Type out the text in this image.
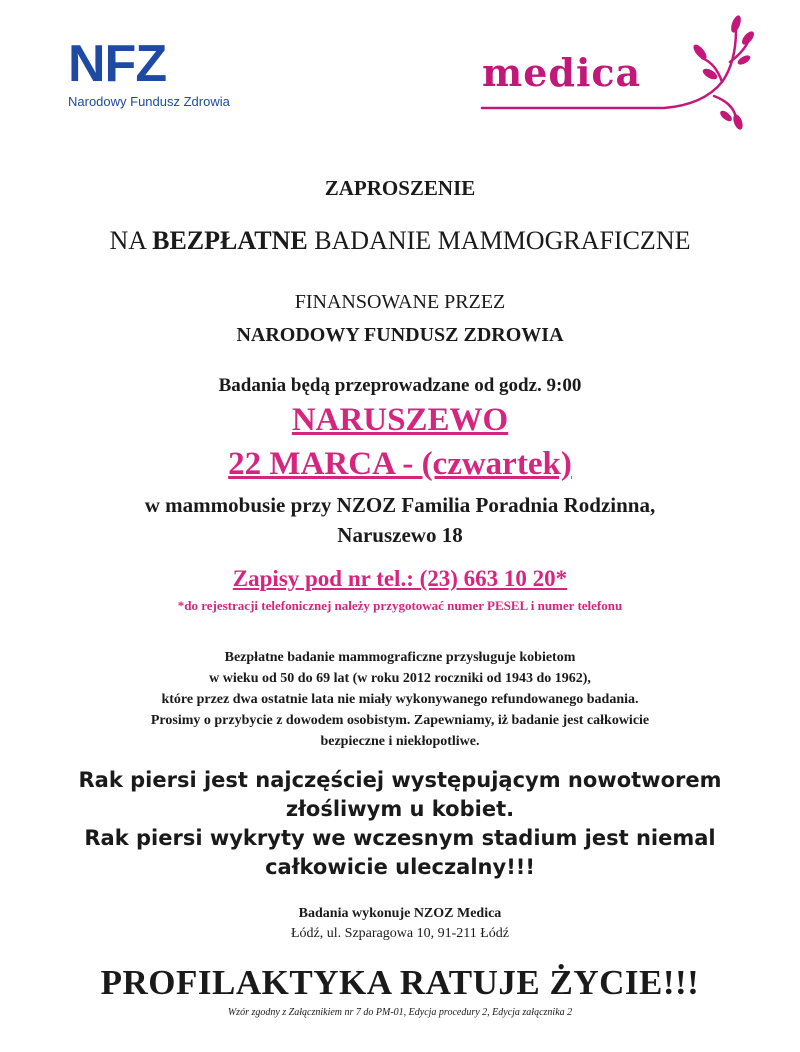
NFZ
Narodowy Fundusz Zdrowia
medica
ZAPROSZENIE
NA BEZPŁATNE BADANIE MAMMOGRAFICZNE
FINANSOWANE PRZEZ
NARODOWY FUNDUSZ ZDROWIA
Badania będą przeprowadzane od godz. 9:00
NARUSZEWO
22 MARCA - (czwartek)
w mammobusie przy NZOZ Familia Poradnia Rodzinna,
Naruszewo 18
Zapisy pod nr tel.: (23) 663 10 20*
*do rejestracji telefonicznej należy przygotować numer PESEL i numer telefonu
Bezpłatne badanie mammograficzne przysługuje kobietom
w wieku od 50 do 69 lat (w roku 2012 roczniki od 1943 do 1962),
które przez dwa ostatnie lata nie miały wykonywanego refundowanego badania.
Prosimy o przybycie z dowodem osobistym. Zapewniamy, iż badanie jest całkowicie
bezpieczne i niekłopotliwe.
Rak piersi jest najczęściej występującym nowotworem
złośliwym u kobiet.
Rak piersi wykryty we wczesnym stadium jest niemal
całkowicie uleczalny!!!
Badania wykonuje NZOZ Medica
Łódź, ul. Szparagowa 10, 91-211 Łódź
PROFILAKTYKA RATUJE ŻYCIE!!!
Wzór zgodny z Załącznikiem nr 7 do PM-01, Edycja procedury 2, Edycja załącznika 2
